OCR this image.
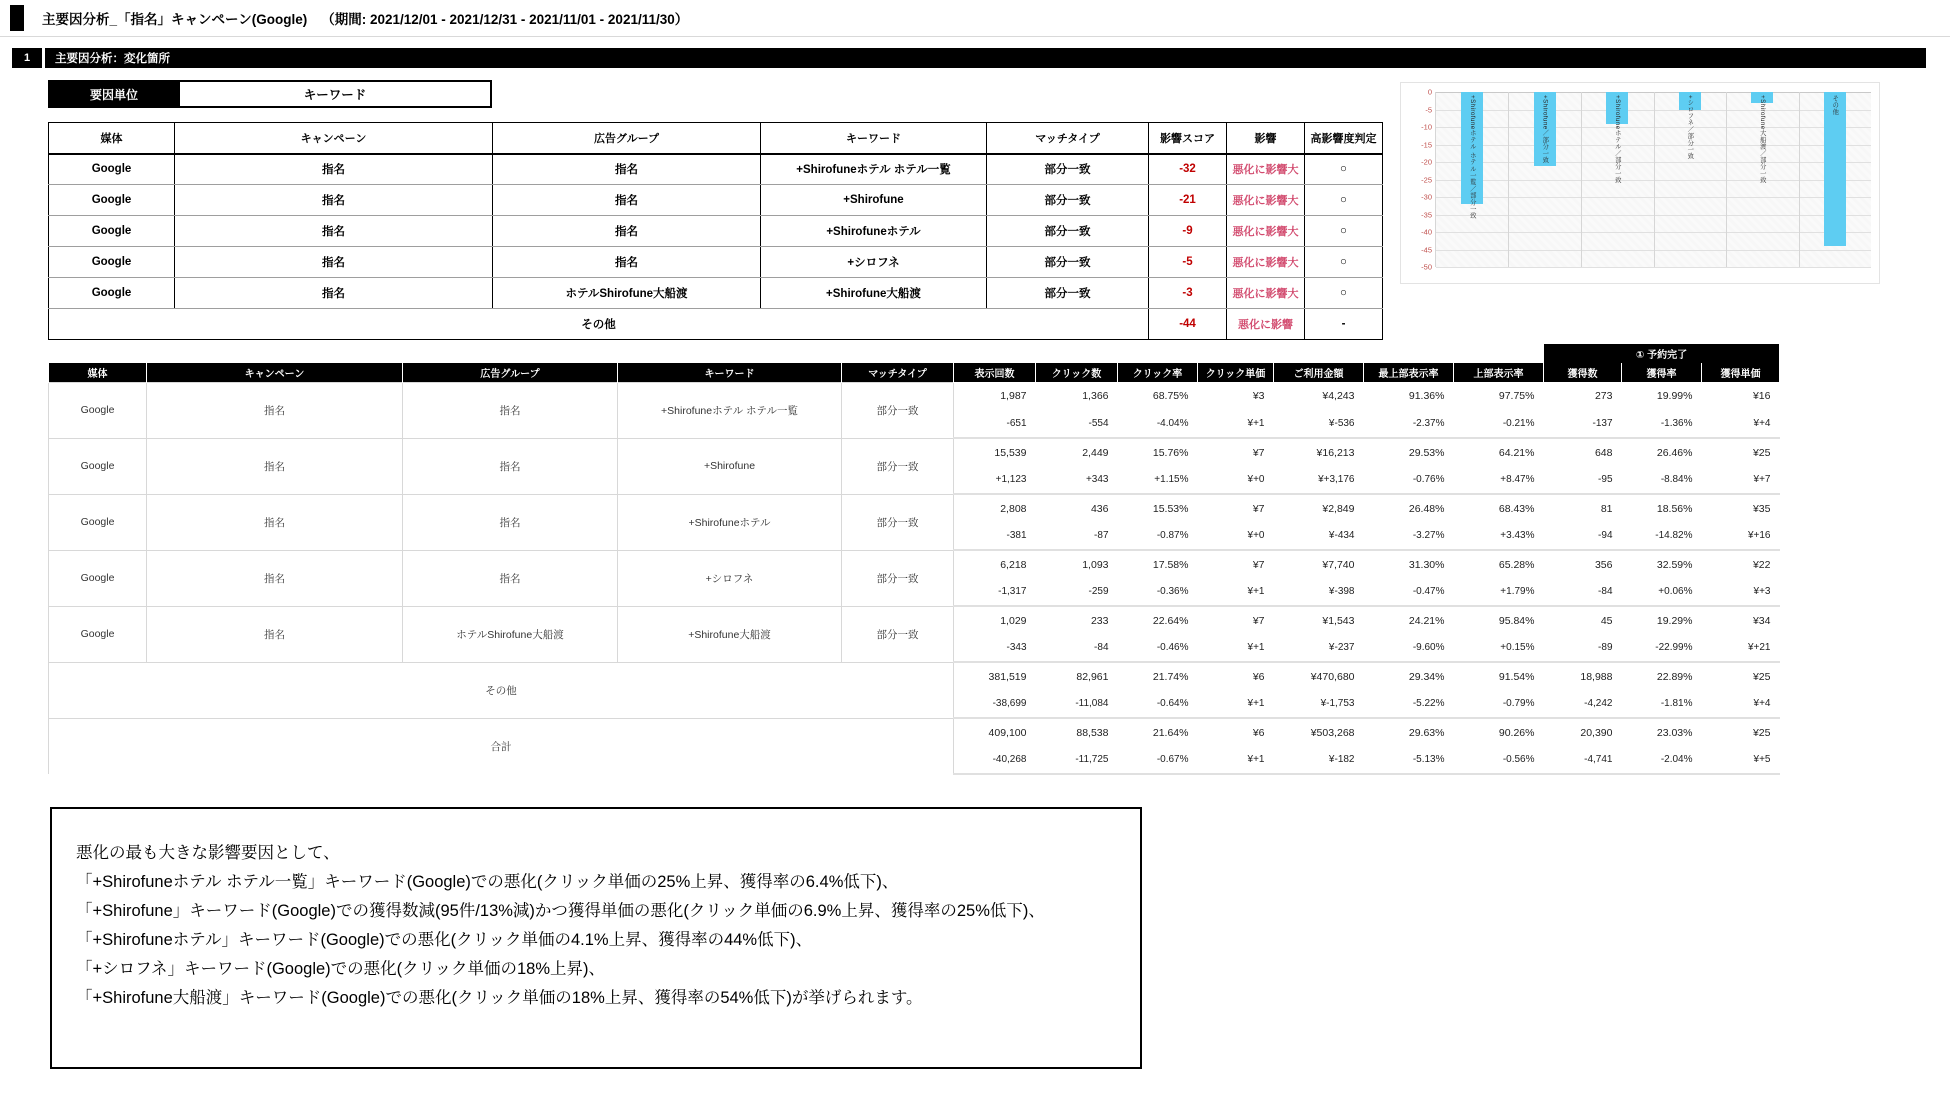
主要因分析_「指名」キャンペーン(Google) （期間: 2021/12/01 - 2021/12/31 - 2021/11/01 - 2021/11/30）
1	主要因分析：変化箇所
要因単位	キーワード
媒体	キャンペーン	広告グループ	キーワード	マッチタイプ	影響スコア	影響	高影響度判定
Google	指名	指名	+Shirofuneホテル ホテル一覧	部分一致	-32	悪化に影響大	○
Google	指名	指名	+Shirofune	部分一致	-21	悪化に影響大	○
Google	指名	指名	+Shirofuneホテル	部分一致	-9	悪化に影響大	○
Google	指名	指名	+シロフネ	部分一致	-5	悪化に影響大	○
Google	指名	ホテルShirofune大船渡	+Shirofune大船渡	部分一致	-3	悪化に影響大	○
その他					-44	悪化に影響	-
0
-5
-10
-15
-20
-25
-30
-35
-40
-45
-50
+Shirofuneホテル ホテル一覧／部分一致	+Shirofune／部分一致	+Shirofuneホテル／部分一致	+シロフネ／部分一致	+Shirofune大船渡／部分一致	その他
												① 予約完了		
媒体	キャンペーン	広告グループ	キーワード	マッチタイプ	表示回数	クリック数	クリック率	クリック単価	ご利用金額	最上部表示率	上部表示率	獲得数	獲得率	獲得単価
Google	指名	指名	+Shirofuneホテル ホテル一覧	部分一致	1,987	1,366	68.75%	¥3	¥4,243	91.36%	97.75%	273	19.99%	¥16
					-651	-554	-4.04%	¥+1	¥-536	-2.37%	-0.21%	-137	-1.36%	¥+4
Google	指名	指名	+Shirofune	部分一致	15,539	2,449	15.76%	¥7	¥16,213	29.53%	64.21%	648	26.46%	¥25
					+1,123	+343	+1.15%	¥+0	¥+3,176	-0.76%	+8.47%	-95	-8.84%	¥+7
Google	指名	指名	+Shirofuneホテル	部分一致	2,808	436	15.53%	¥7	¥2,849	26.48%	68.43%	81	18.56%	¥35
					-381	-87	-0.87%	¥+0	¥-434	-3.27%	+3.43%	-94	-14.82%	¥+16
Google	指名	指名	+シロフネ	部分一致	6,218	1,093	17.58%	¥7	¥7,740	31.30%	65.28%	356	32.59%	¥22
					-1,317	-259	-0.36%	¥+1	¥-398	-0.47%	+1.79%	-84	+0.06%	¥+3
Google	指名	ホテルShirofune大船渡	+Shirofune大船渡	部分一致	1,029	233	22.64%	¥7	¥1,543	24.21%	95.84%	45	19.29%	¥34
					-343	-84	-0.46%	¥+1	¥-237	-9.60%	+0.15%	-89	-22.99%	¥+21
その他					381,519	82,961	21.74%	¥6	¥470,680	29.34%	91.54%	18,988	22.89%	¥25
					-38,699	-11,084	-0.64%	¥+1	¥-1,753	-5.22%	-0.79%	-4,242	-1.81%	¥+4
合計					409,100	88,538	21.64%	¥6	¥503,268	29.63%	90.26%	20,390	23.03%	¥25
					-40,268	-11,725	-0.67%	¥+1	¥-182	-5.13%	-0.56%	-4,741	-2.04%	¥+5
悪化の最も大きな影響要因として、
「+Shirofuneホテル ホテル一覧」キーワード(Google)での悪化(クリック単価の25%上昇、獲得率の6.4%低下)、
「+Shirofune」キーワード(Google)での獲得数減(95件/13%減)かつ獲得単価の悪化(クリック単価の6.9%上昇、獲得率の25%低下)、
「+Shirofuneホテル」キーワード(Google)での悪化(クリック単価の4.1%上昇、獲得率の44%低下)、
「+シロフネ」キーワード(Google)での悪化(クリック単価の18%上昇)、
「+Shirofune大船渡」キーワード(Google)での悪化(クリック単価の18%上昇、獲得率の54%低下)が挙げられます。
